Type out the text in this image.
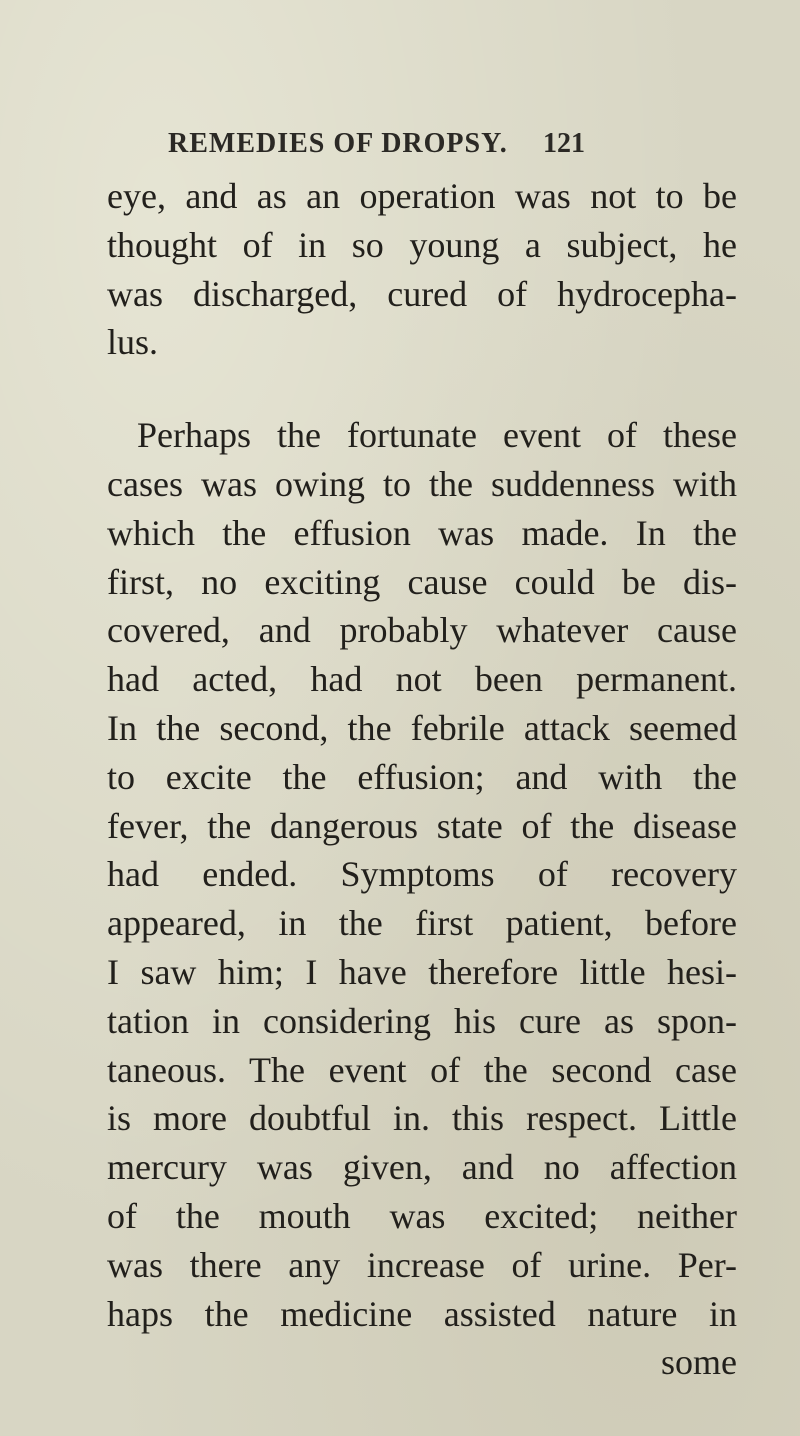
REMEDIES OF DROPSY.	121
eye, and as an operation was not to be
thought of in so young a subject, he
was discharged, cured of hydrocepha-
lus.
Perhaps the fortunate event of these
cases was owing to the suddenness with
which the effusion was made. In the
first, no exciting cause could be dis-
covered, and probably whatever cause
had acted, had not been permanent.
In the second, the febrile attack seemed
to excite the effusion; and with the
fever, the dangerous state of the disease
had ended. Symptoms of recovery
appeared, in the first patient, before
I saw him; I have therefore little hesi-
tation in considering his cure as spon-
taneous. The event of the second case
is more doubtful in. this respect. Little
mercury was given, and no affection
of the mouth was excited; neither
was there any increase of urine. Per-
haps the medicine assisted nature in
some
